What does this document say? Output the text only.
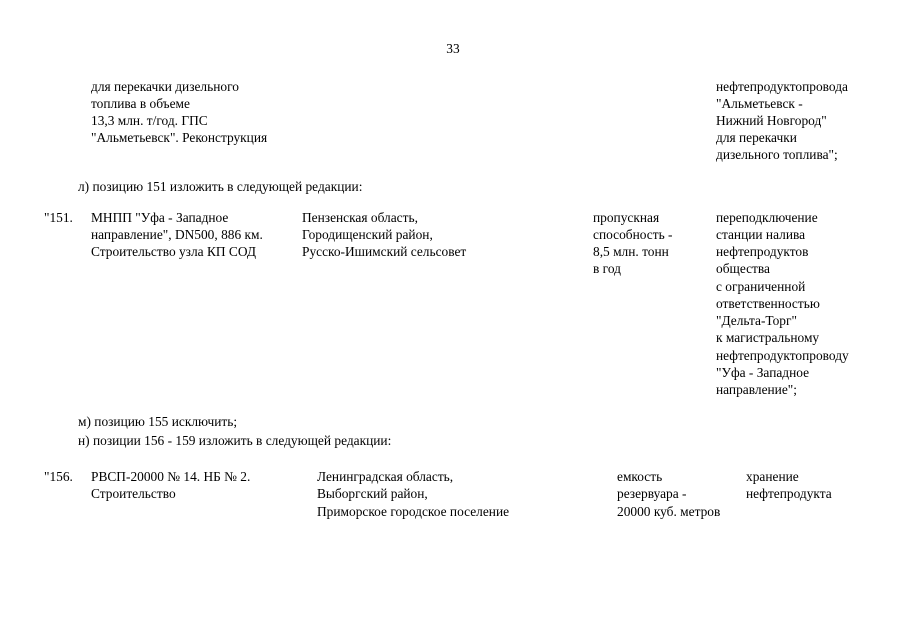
33
для перекачки дизельного
топлива в объеме
13,3 млн. т/год. ГПС
"Альметьевск". Реконструкция
нефтепродуктопровода
"Альметьевск -
Нижний Новгород"
для перекачки
дизельного топлива";
л) позицию 151 изложить в следующей редакции:
"151. МНПП "Уфа - Западное
направление", DN500, 886 км.
Строительство узла КП СОД
Пензенская область,
Городищенский район,
Русско-Ишимский сельсовет
пропускная
способность -
8,5 млн. тонн
в год
переподключение
станции налива
нефтепродуктов
общества
с ограниченной
ответственностью
"Дельта-Торг"
к магистральному
нефтепродуктопроводу
"Уфа - Западное
направление";
м) позицию 155 исключить;
н) позиции 156 - 159 изложить в следующей редакции:
"156. РВСП-20000 № 14. НБ № 2.
Строительство
Ленинградская область,
Выборгский район,
Приморское городское поселение
емкость
резервуара -
20000 куб. метров
хранение
нефтепродукта
